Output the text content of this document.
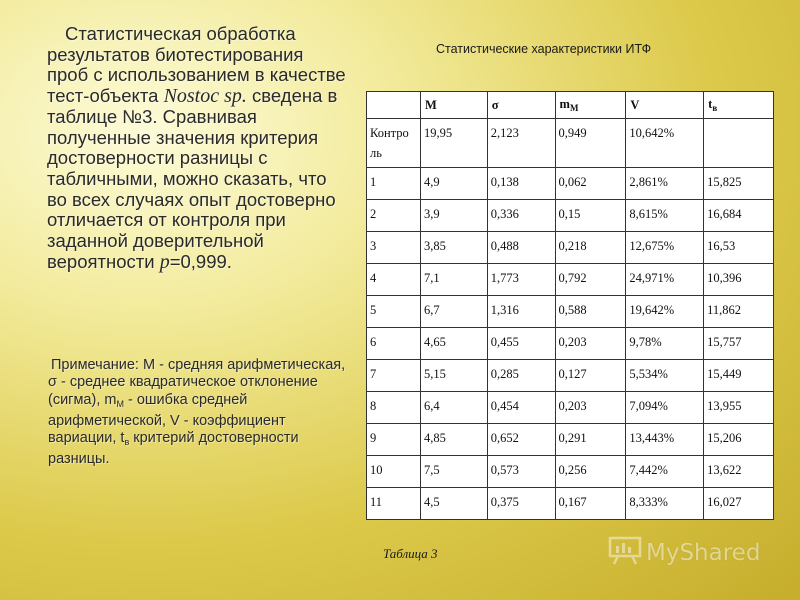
Статистическая обработка результатов биотестирования проб с использованием в качестве тест-объекта Nostoc sp. сведена в таблице №3. Сравнивая полученные значения критерия достоверности разницы с табличными, можно сказать, что во всех случаях опыт достоверно отличается от контроля при заданной доверительной вероятности p=0,999.
Примечание: М - средняя арифметическая, σ - среднее квадратическое отклонение (сигма), $m_M$ - ошибка средней арифметической, V - коэффициент вариации, $t_в$ критерий достоверности разницы.
Статистические характеристики ИТФ
	M	σ	$m_M$	V	$t_в$
Контро ль	19,95	2,123	0,949	10,642%	
1	4,9	0,138	0,062	2,861%	15,825
2	3,9	0,336	0,15	8,615%	16,684
3	3,85	0,488	0,218	12,675%	16,53
4	7,1	1,773	0,792	24,971%	10,396
5	6,7	1,316	0,588	19,642%	11,862
6	4,65	0,455	0,203	9,78%	15,757
7	5,15	0,285	0,127	5,534%	15,449
8	6,4	0,454	0,203	7,094%	13,955
9	4,85	0,652	0,291	13,443%	15,206
10	7,5	0,573	0,256	7,442%	13,622
11	4,5	0,375	0,167	8,333%	16,027
Таблица 3	MyShared
